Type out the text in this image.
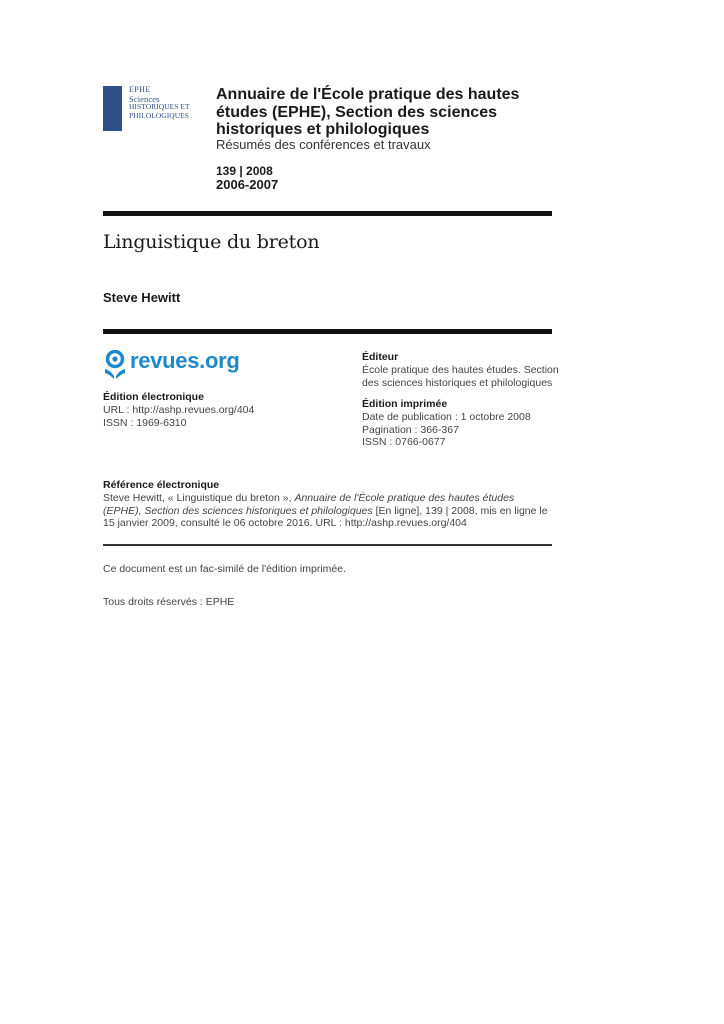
EPHE
Sciences
HISTORIQUES ET
PHILOLOGIQUES
Annuaire de l'École pratique des hautes études (EPHE), Section des sciences historiques et philologiques
Résumés des conférences et travaux
139 | 2008
2006-2007
Linguistique du breton
Steve Hewitt
revues.org
Édition électronique
URL : http://ashp.revues.org/404
ISSN : 1969-6310
Éditeur
École pratique des hautes études. Section
des sciences historiques et philologiques
Édition imprimée
Date de publication : 1 octobre 2008
Pagination : 366-367
ISSN : 0766-0677
Référence électronique
Steve Hewitt, « Linguistique du breton », Annuaire de l'École pratique des hautes études (EPHE), Section des sciences historiques et philologiques [En ligne], 139 | 2008, mis en ligne le 15 janvier 2009, consulté le 06 octobre 2016. URL : http://ashp.revues.org/404
Ce document est un fac-similé de l'édition imprimée.
Tous droits réservés : EPHE
